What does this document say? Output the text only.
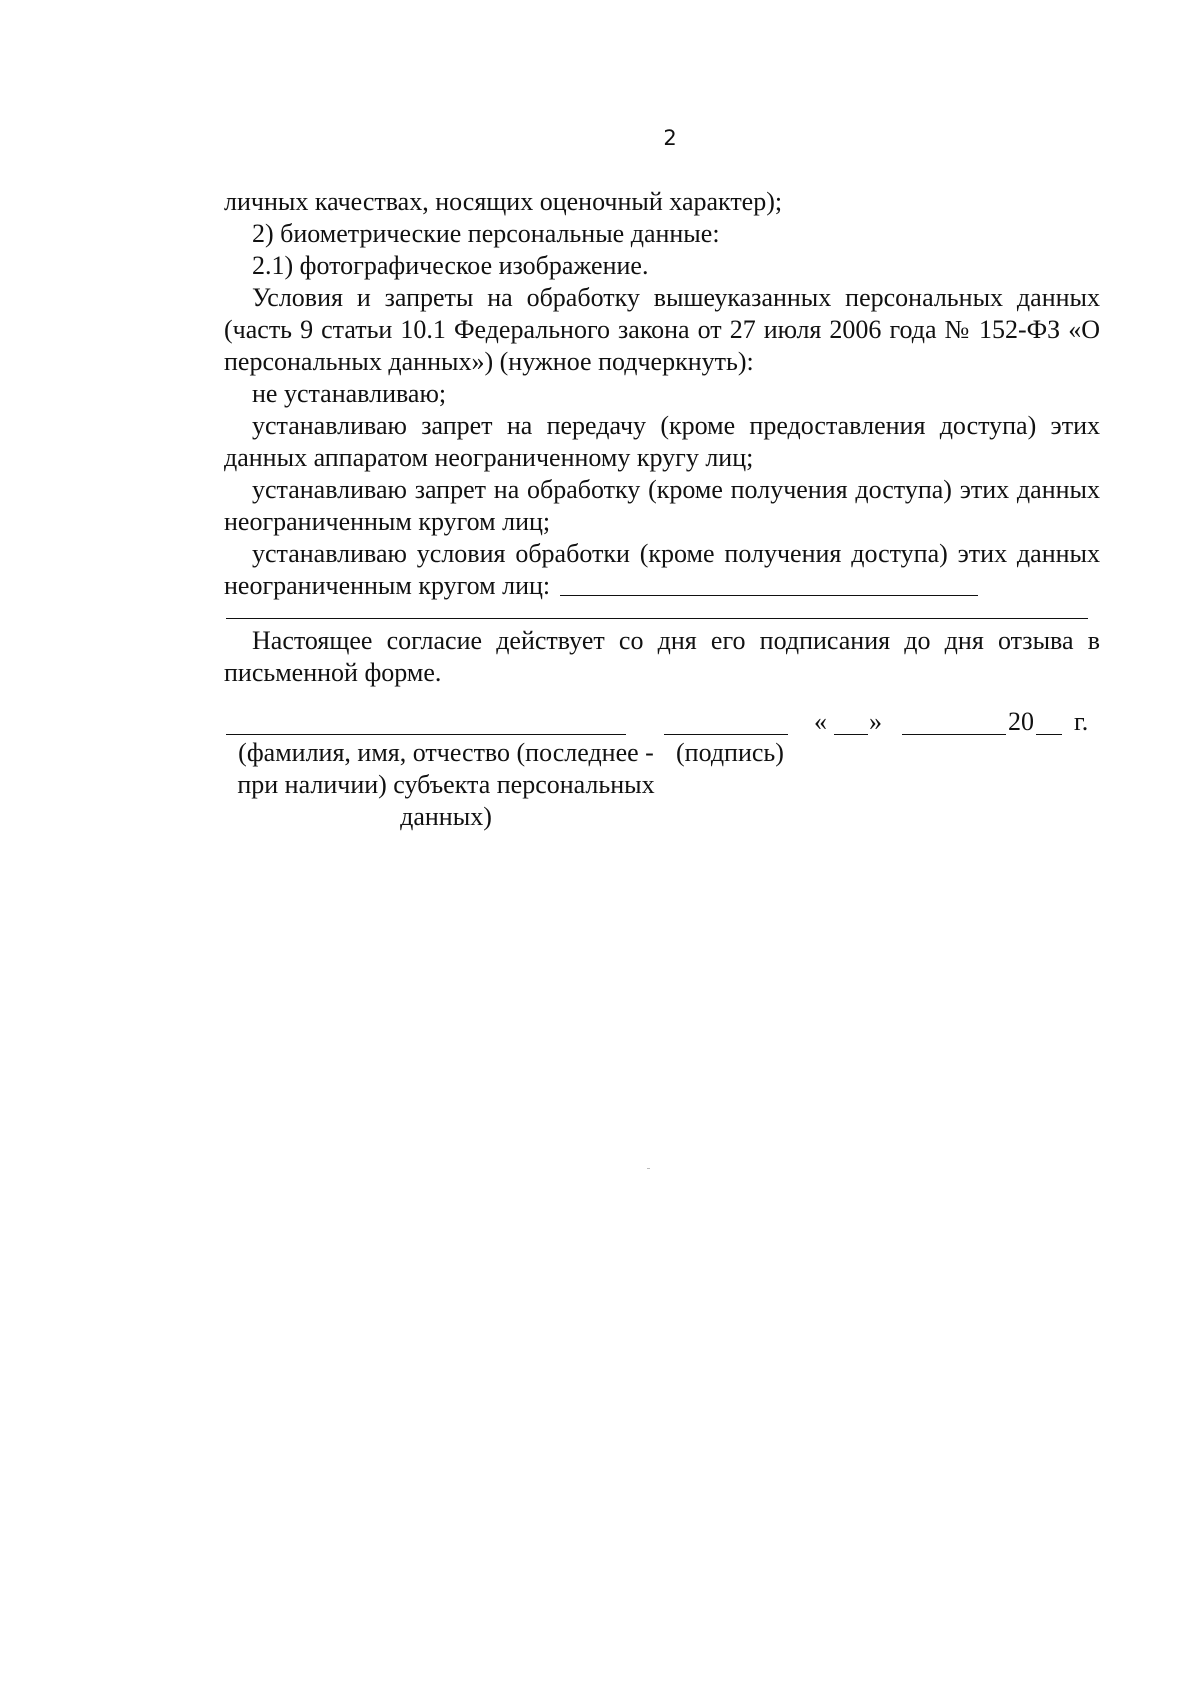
2

личных качествах, носящих оценочный характер);

2) биометрические персональные данные:

2.1) фотографическое изображение.

Условия и запреты на обработку вышеуказанных персональных данных (часть 9 статьи 10.1 Федерального закона от 27 июля 2006 года № 152-ФЗ «О персональных данных») (нужное подчеркнуть):

не устанавливаю;

устанавливаю запрет на передачу (кроме предоставления доступа) этих данных аппаратом неограниченному кругу лиц;

устанавливаю запрет на обработку (кроме получения доступа) этих данных неограниченным кругом лиц;

устанавливаю условия обработки (кроме получения доступа) этих данных неограниченным кругом лиц:

Настоящее согласие действует со дня его подписания до дня отзыва в письменной форме.

« »	20 г.
(фамилия, имя, отчество (последнее - при наличии) субъекта персональных данных)
(подпись)
